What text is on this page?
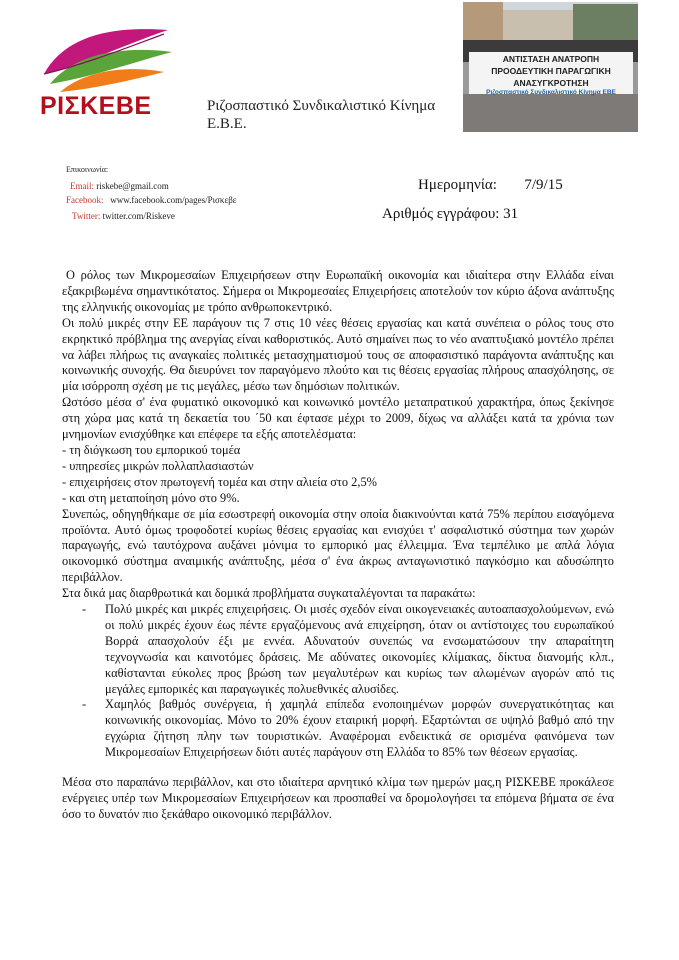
ΡΙΣΚΕΒΕ	Ριζοσπαστικό Συνδικαλιστικό Κίνημα
Ε.Β.Ε.
ΑΝΤΙΣΤΑΣΗ ΑΝΑΤΡΟΠΗ
ΠΡΟΟΔΕΥΤΙΚΗ ΠΑΡΑΓΩΓΙΚΗ
ΑΝΑΣΥΓΚΡΟΤΗΣΗ
Ριζοσπαστικό Συνδικαλιστικό Κίνημα ΕΒΕ
Επικοινωνία:
Email: riskebe@gmail.com
Facebook: www.facebook.com/pages/Ρισκεβε
Twitter: twitter.com/Riskeve
Ημερομηνία: 7/9/15
Αριθμός εγγράφου: 31

Ο ρόλος των Μικρομεσαίων Επιχειρήσεων στην Ευρωπαϊκή οικονομία και ιδιαίτερα στην Ελλάδα είναι εξακριβωμένα σημαντικότατος. Σήμερα οι Μικρομεσαίες Επιχειρήσεις αποτελούν τον κύριο άξονα ανάπτυξης της ελληνικής οικονομίας με τρόπο ανθρωποκεντρικό.

Οι πολύ μικρές στην ΕΕ παράγουν τις 7 στις 10 νέες θέσεις εργασίας και κατά συνέπεια ο ρόλος τους στο εκρηκτικό πρόβλημα της ανεργίας είναι καθοριστικός. Αυτό σημαίνει πως το νέο αναπτυξιακό μοντέλο πρέπει να λάβει πλήρως τις αναγκαίες πολιτικές μετασχηματισμού τους σε αποφασιστικό παράγοντα ανάπτυξης και κοινωνικής συνοχής. Θα διευρύνει τον παραγόμενο πλούτο και τις θέσεις εργασίας πλήρους απασχόλησης, σε μία ισόρροπη σχέση με τις μεγάλες, μέσω των δημόσιων πολιτικών.

Ωστόσο μέσα σ' ένα φυματικό οικονομικό και κοινωνικό μοντέλο μεταπρατικού χαρακτήρα, όπως ξεκίνησε στη χώρα μας κατά τη δεκαετία του ΄50 και έφτασε μέχρι το 2009, δίχως να αλλάξει κατά τα χρόνια των μνημονίων ενισχύθηκε και επέφερε τα εξής αποτελέσματα:

- τη διόγκωση του εμπορικού τομέα
- υπηρεσίες μικρών πολλαπλασιαστών
- επιχειρήσεις στον πρωτογενή τομέα και στην αλιεία στο 2,5%
- και στη μεταποίηση μόνο στο 9%.

Συνεπώς, οδηγηθήκαμε σε μία εσωστρεφή οικονομία στην οποία διακινούνται κατά 75% περίπου εισαγόμενα προϊόντα. Αυτό όμως τροφοδοτεί κυρίως θέσεις εργασίας και ενισχύει τ' ασφαλιστικό σύστημα των χωρών παραγωγής, ενώ ταυτόχρονα αυξάνει μόνιμα το εμπορικό μας έλλειμμα. Ένα τεμπέλικο με απλά λόγια οικονομικό σύστημα αναιμικής ανάπτυξης, μέσα σ' ένα άκρως ανταγωνιστικό παγκόσμιο και αδυσώπητο περιβάλλον.

Στα δικά μας διαρθρωτικά και δομικά προβλήματα συγκαταλέγονται τα παρακάτω:

- Πολύ μικρές και μικρές επιχειρήσεις. Οι μισές σχεδόν είναι οικογενειακές αυτοαπασχολούμενων, ενώ οι πολύ μικρές έχουν έως πέντε εργαζόμενους ανά επιχείρηση, όταν οι αντίστοιχες του ευρωπαϊκού Βορρά απασχολούν έξι με εννέα. Αδυνατούν συνεπώς να ενσωματώσουν την απαραίτητη τεχνογνωσία και καινοτόμες δράσεις. Με αδύνατες οικονομίες κλίμακας, δίκτυα διανομής κλπ., καθίστανται εύκολες προς βρώση των μεγαλυτέρων και κυρίως των αλωμένων αγορών από τις μεγάλες εμπορικές και παραγωγικές πολυεθνικές αλυσίδες.

- Χαμηλός βαθμός συνέργεια, ή χαμηλά επίπεδα ενοποιημένων μορφών συνεργατικότητας και κοινωνικής οικονομίας. Μόνο το 20% έχουν εταιρική μορφή. Εξαρτώνται σε υψηλό βαθμό από την εγχώρια ζήτηση πλην των τουριστικών. Αναφέρομαι ενδεικτικά σε ορισμένα φαινόμενα των Μικρομεσαίων Επιχειρήσεων διότι αυτές παράγουν στη Ελλάδα το 85% των θέσεων εργασίας.

Μέσα στο παραπάνω περιβάλλον, και στο ιδιαίτερα αρνητικό κλίμα των ημερών μας,η ΡΙΣΚΕΒΕ προκάλεσε ενέργειες υπέρ των Μικρομεσαίων Επιχειρήσεων και προσπαθεί να δρομολογήσει τα επόμενα βήματα σε ένα όσο το δυνατόν πιο ξεκάθαρο οικονομικό περιβάλλον.
